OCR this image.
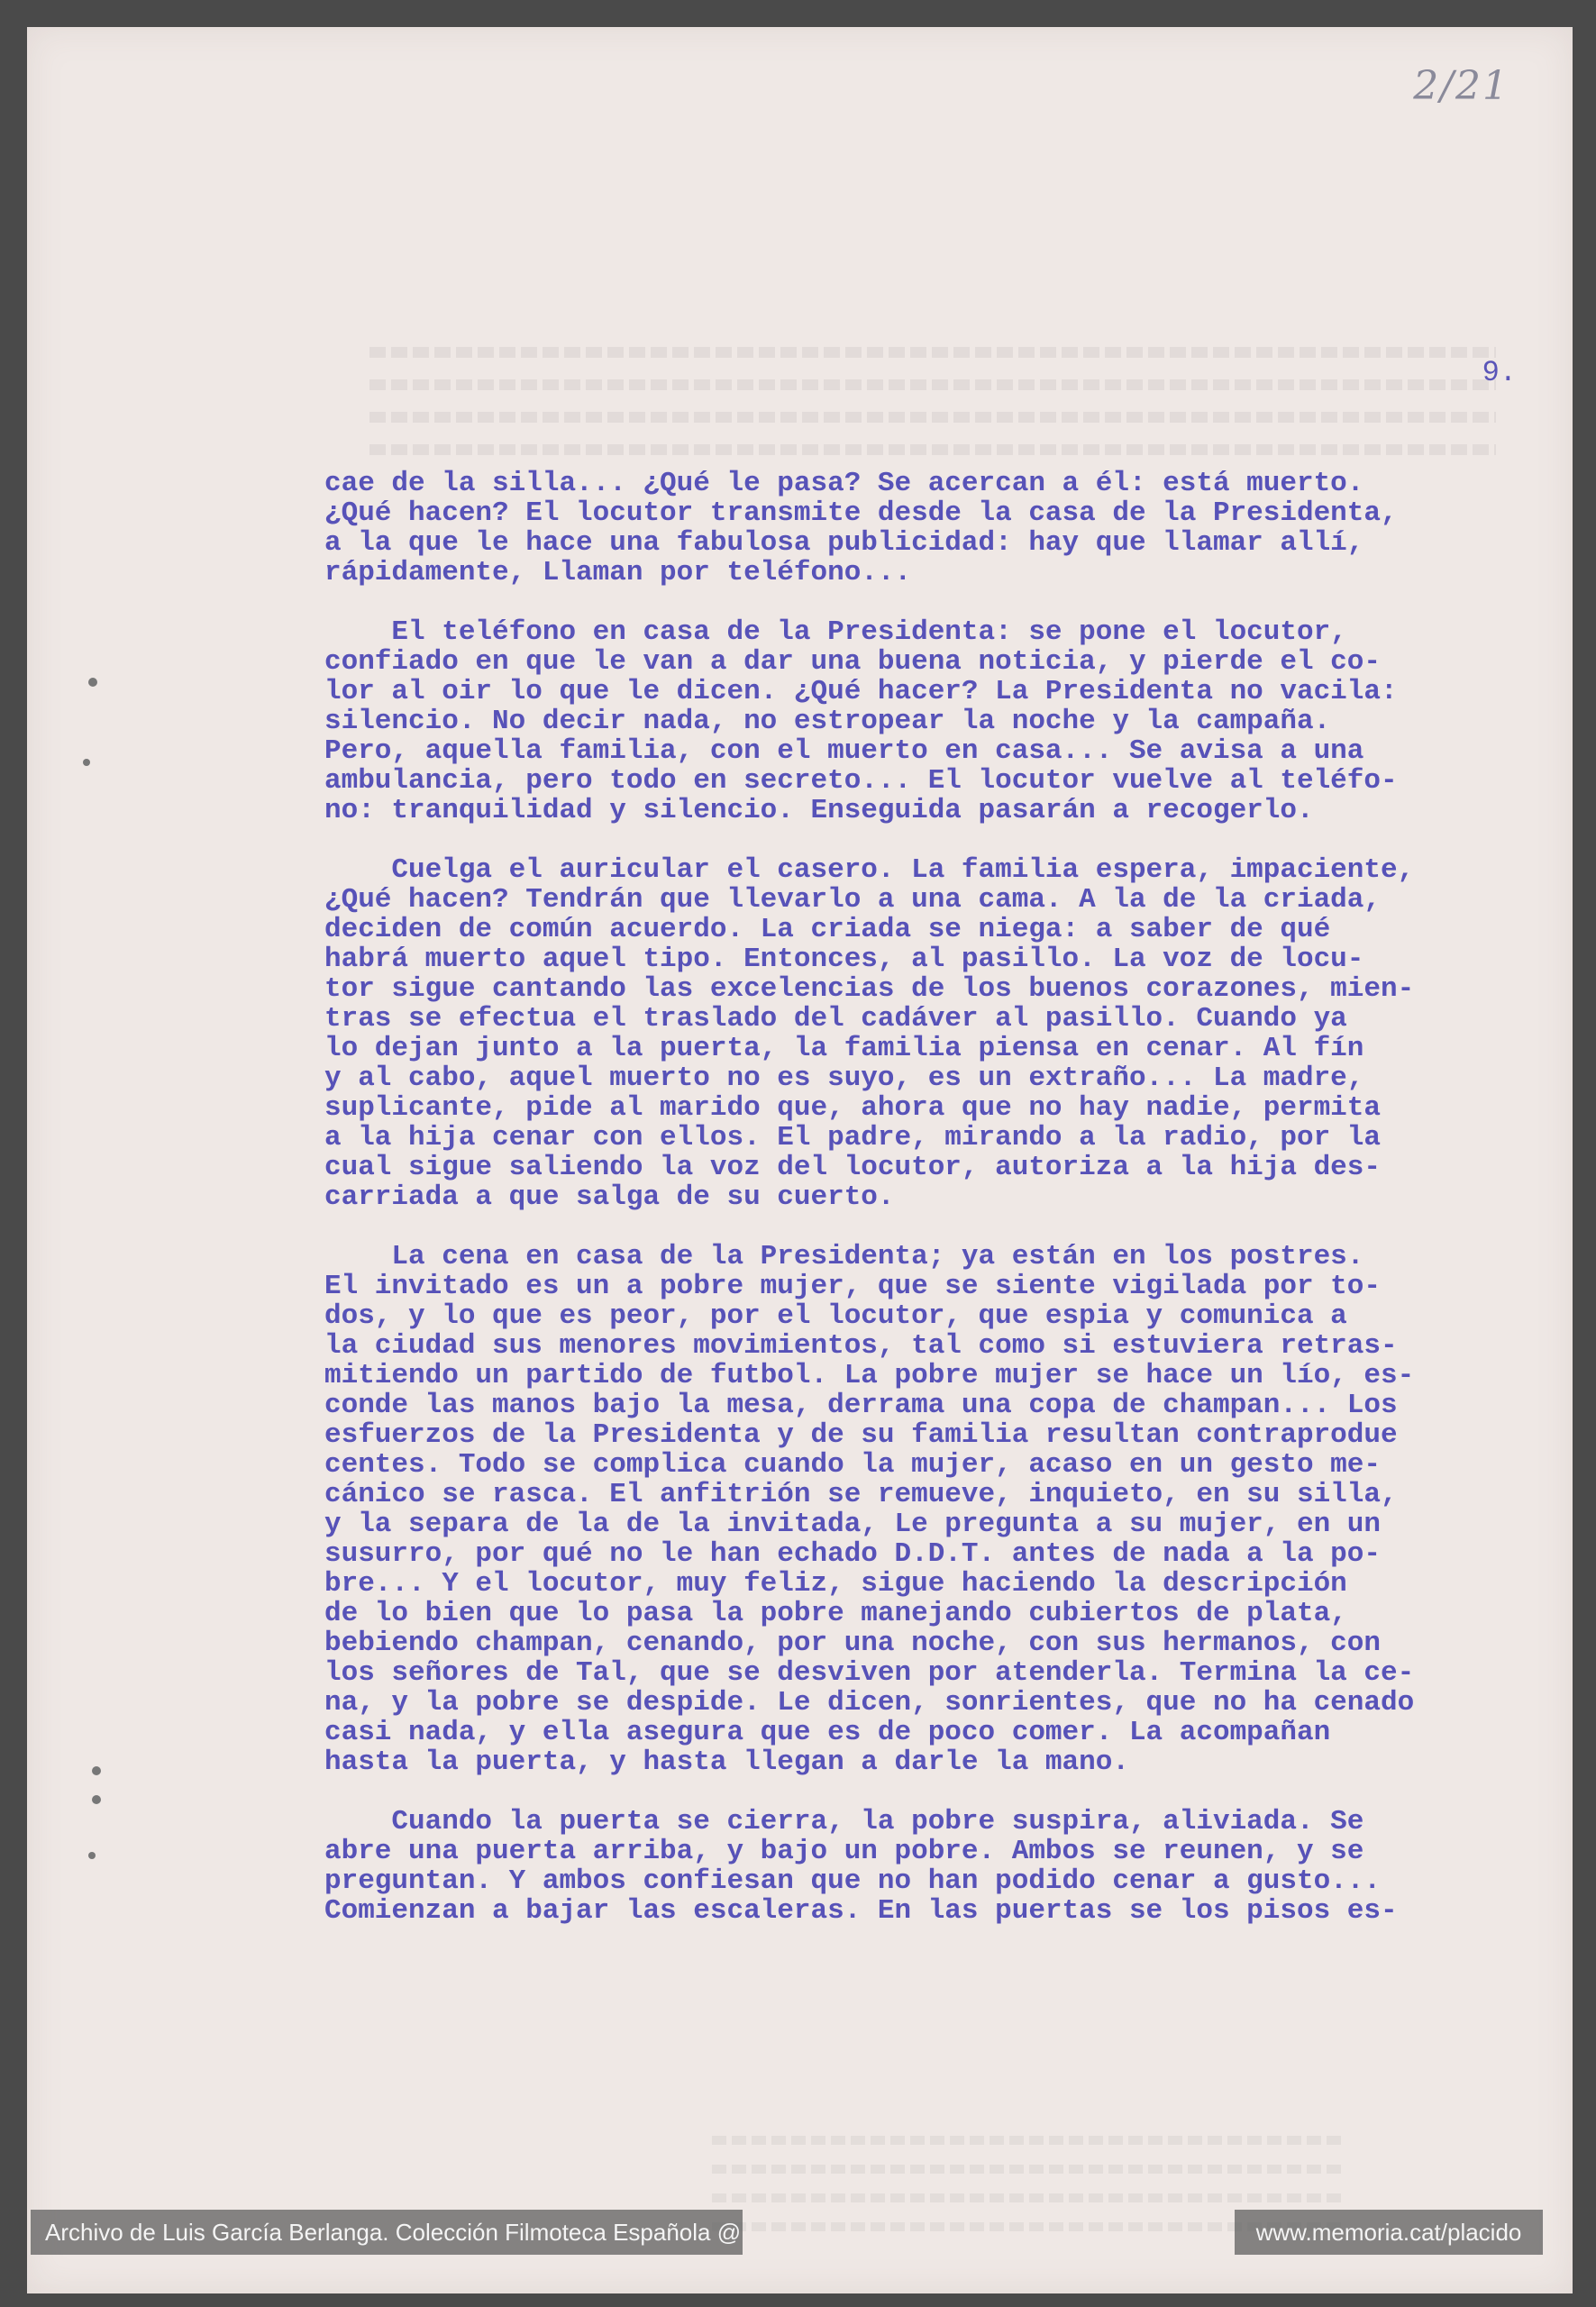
2/21
9.
cae de la silla... ¿Qué le pasa? Se acercan a él: está muerto.
¿Qué hacen? El locutor transmite desde la casa de la Presidenta,
a la que le hace una fabulosa publicidad: hay que llamar allí,
rápidamente, Llaman por teléfono...
El teléfono en casa de la Presidenta: se pone el locutor,
confiado en que le van a dar una buena noticia, y pierde el co-
lor al oir lo que le dicen. ¿Qué hacer? La Presidenta no vacila:
silencio. No decir nada, no estropear la noche y la campaña.
Pero, aquella familia, con el muerto en casa... Se avisa a una
ambulancia, pero todo en secreto... El locutor vuelve al teléfo-
no: tranquilidad y silencio. Enseguida pasarán a recogerlo.
Cuelga el auricular el casero. La familia espera, impaciente,
¿Qué hacen? Tendrán que llevarlo a una cama. A la de la criada,
deciden de común acuerdo. La criada se niega: a saber de qué
habrá muerto aquel tipo. Entonces, al pasillo. La voz de locu-
tor sigue cantando las excelencias de los buenos corazones, mien-
tras se efectua el traslado del cadáver al pasillo. Cuando ya
lo dejan junto a la puerta, la familia piensa en cenar. Al fín
y al cabo, aquel muerto no es suyo, es un extraño... La madre,
suplicante, pide al marido que, ahora que no hay nadie, permita
a la hija cenar con ellos. El padre, mirando a la radio, por la
cual sigue saliendo la voz del locutor, autoriza a la hija des-
carriada a que salga de su cuerto.
La cena en casa de la Presidenta; ya están en los postres.
El invitado es un a pobre mujer, que se siente vigilada por to-
dos, y lo que es peor, por el locutor, que espia y comunica a
la ciudad sus menores movimientos, tal como si estuviera retras-
mitiendo un partido de futbol. La pobre mujer se hace un lío, es-
conde las manos bajo la mesa, derrama una copa de champan... Los
esfuerzos de la Presidenta y de su familia resultan contraprodue
centes. Todo se complica cuando la mujer, acaso en un gesto me-
cánico se rasca. El anfitrión se remueve, inquieto, en su silla,
y la separa de la de la invitada, Le pregunta a su mujer, en un
susurro, por qué no le han echado D.D.T. antes de nada a la po-
bre... Y el locutor, muy feliz, sigue haciendo la descripción
de lo bien que lo pasa la pobre manejando cubiertos de plata,
bebiendo champan, cenando, por una noche, con sus hermanos, con
los señores de Tal, que se desviven por atenderla. Termina la ce-
na, y la pobre se despide. Le dicen, sonrientes, que no ha cenado
casi nada, y ella asegura que es de poco comer. La acompañan
hasta la puerta, y hasta llegan a darle la mano.
Cuando la puerta se cierra, la pobre suspira, aliviada. Se
abre una puerta arriba, y bajo un pobre. Ambos se reunen, y se
preguntan. Y ambos confiesan que no han podido cenar a gusto...
Comienzan a bajar las escaleras. En las puertas se los pisos es-
Archivo de Luis García Berlanga. Colección Filmoteca Española @	www.memoria.cat/placido
